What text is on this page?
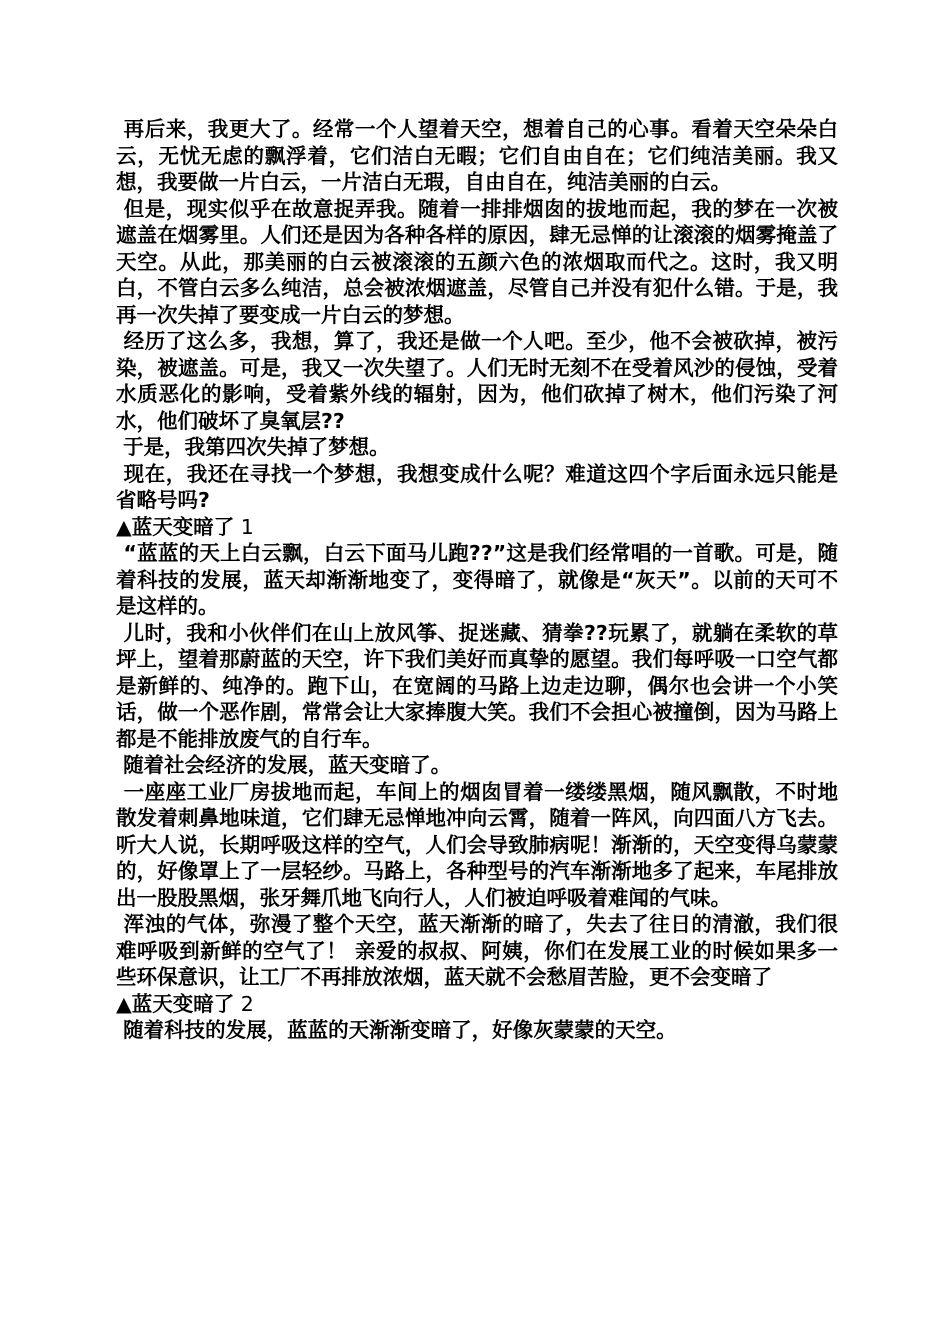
再后来，我更大了。经常一个人望着天空，想着自己的心事。看着天空朵朵白云，无忧无虑的飘浮着，它们洁白无暇；它们自由自在；它们纯洁美丽。我又想，我要做一片白云，一片洁白无瑕，自由自在，纯洁美丽的白云。

但是，现实似乎在故意捉弄我。随着一排排烟囱的拔地而起，我的梦在一次被遮盖在烟雾里。人们还是因为各种各样的原因，肆无忌惮的让滚滚的烟雾掩盖了天空。从此，那美丽的白云被滚滚的五颜六色的浓烟取而代之。这时，我又明白，不管白云多么纯洁，总会被浓烟遮盖，尽管自己并没有犯什么错。于是，我再一次失掉了要变成一片白云的梦想。

经历了这么多，我想，算了，我还是做一个人吧。至少，他不会被砍掉，被污染，被遮盖。可是，我又一次失望了。人们无时无刻不在受着风沙的侵蚀，受着水质恶化的影响，受着紫外线的辐射，因为，他们砍掉了树木，他们污染了河水，他们破坏了臭氧层??

于是，我第四次失掉了梦想。

现在，我还在寻找一个梦想，我想变成什么呢？难道这四个字后面永远只能是省略号吗?

▲蓝天变暗了 1

“蓝蓝的天上白云飘，白云下面马儿跑??”这是我们经常唱的一首歌。可是，随着科技的发展，蓝天却渐渐地变了，变得暗了，就像是“灰天”。以前的天可不是这样的。

儿时，我和小伙伴们在山上放风筝、捉迷藏、猜拳??玩累了，就躺在柔软的草坪上，望着那蔚蓝的天空，许下我们美好而真挚的愿望。我们每呼吸一口空气都是新鲜的、纯净的。跑下山，在宽阔的马路上边走边聊，偶尔也会讲一个小笑话，做一个恶作剧，常常会让大家捧腹大笑。我们不会担心被撞倒，因为马路上都是不能排放废气的自行车。

随着社会经济的发展，蓝天变暗了。

一座座工业厂房拔地而起，车间上的烟囱冒着一缕缕黑烟，随风飘散，不时地散发着刺鼻地味道，它们肆无忌惮地冲向云霄，随着一阵风，向四面八方飞去。听大人说，长期呼吸这样的空气，人们会导致肺病呢！渐渐的，天空变得乌蒙蒙的，好像罩上了一层轻纱。马路上，各种型号的汽车渐渐地多了起来，车尾排放出一股股黑烟，张牙舞爪地飞向行人，人们被迫呼吸着难闻的气味。

浑浊的气体，弥漫了整个天空，蓝天渐渐的暗了，失去了往日的清澈，我们很难呼吸到新鲜的空气了！ 亲爱的叔叔、阿姨，你们在发展工业的时候如果多一些环保意识，让工厂不再排放浓烟，蓝天就不会愁眉苦脸，更不会变暗了

▲蓝天变暗了 2

随着科技的发展，蓝蓝的天渐渐变暗了，好像灰蒙蒙的天空。
